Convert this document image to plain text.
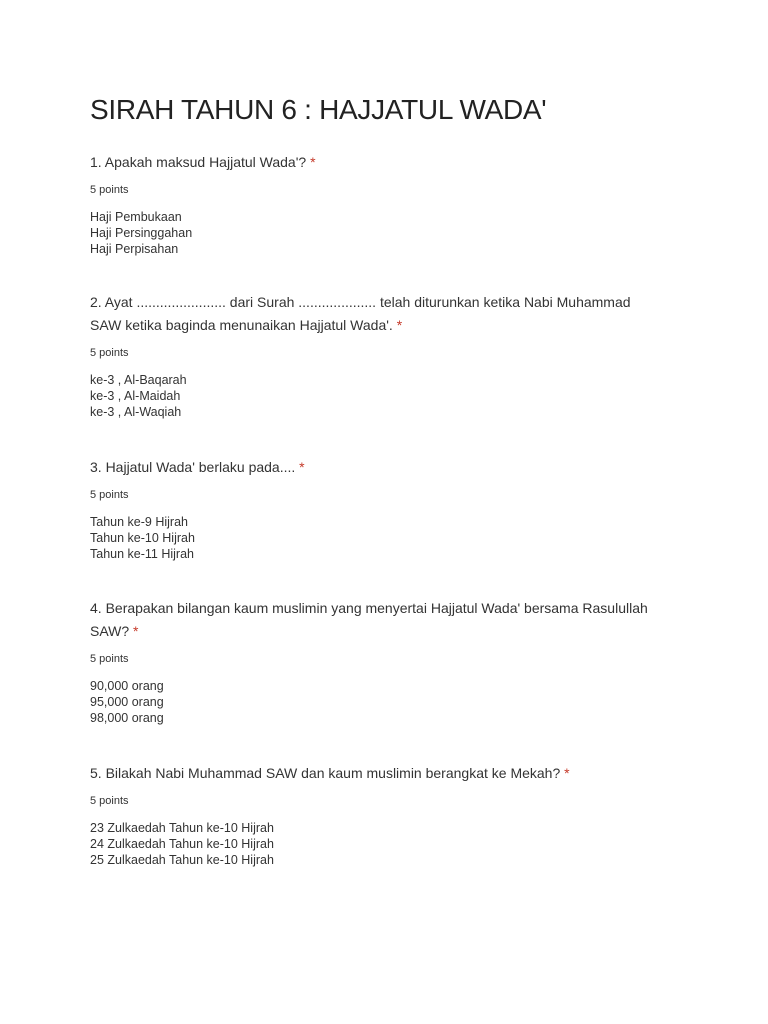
SIRAH TAHUN 6 : HAJJATUL WADA'

1. Apakah maksud Hajjatul Wada'? *

5 points
Haji Pembukaan
Haji Persinggahan
Haji Perpisahan

2. Ayat ....................... dari Surah .................... telah diturunkan ketika Nabi Muhammad SAW ketika baginda menunaikan Hajjatul Wada'. *

5 points
ke-3 , Al-Baqarah
ke-3 , Al-Maidah
ke-3 , Al-Waqiah

3. Hajjatul Wada' berlaku pada.... *

5 points
Tahun ke-9 Hijrah
Tahun ke-10 Hijrah
Tahun ke-11 Hijrah

4. Berapakan bilangan kaum muslimin yang menyertai Hajjatul Wada' bersama Rasulullah SAW? *

5 points
90,000 orang
95,000 orang
98,000 orang

5. Bilakah Nabi Muhammad SAW dan kaum muslimin berangkat ke Mekah? *

5 points
23 Zulkaedah Tahun ke-10 Hijrah
24 Zulkaedah Tahun ke-10 Hijrah
25 Zulkaedah Tahun ke-10 Hijrah
